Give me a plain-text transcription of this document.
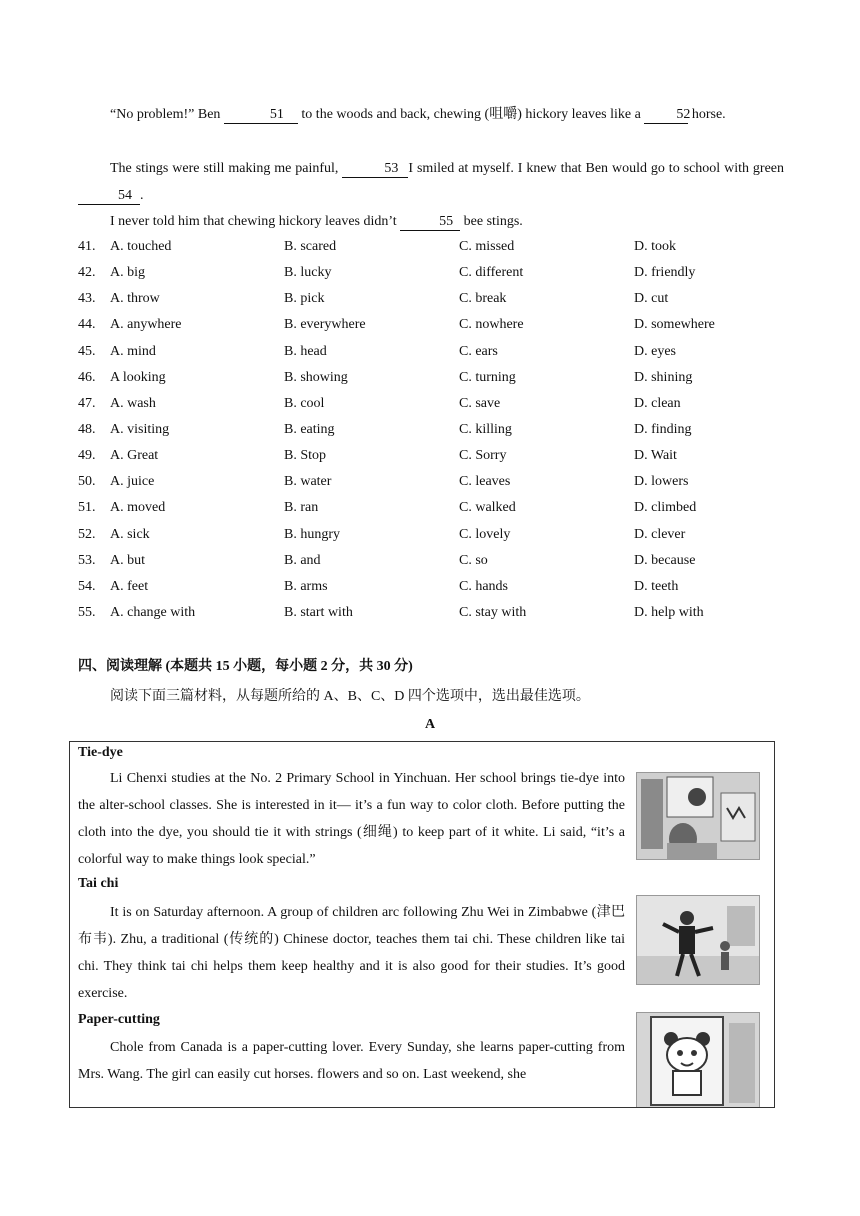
“No problem!” Ben	51 to the woods and back, chewing (咀嚼) hickory leaves like a	52 horse.
The stings were still making me painful,	53 I smiled at myself. I knew that Ben would go to school with green 54 .
I never told him that chewing hickory leaves didn’t	55 bee stings.
41. A. touched	B. scared	C. missed	D. took
42. A. big	B. lucky	C. different	D. friendly
43. A. throw	B. pick	C. break	D. cut
44. A. anywhere	B. everywhere	C. nowhere	D. somewhere
45. A. mind	B. head	C. ears	D. eyes
46. A looking	B. showing	C. turning	D. shining
47. A. wash	B. cool	C. save	D. clean
48. A. visiting	B. eating	C. killing	D. finding
49. A. Great	B. Stop	C. Sorry	D. Wait
50. A. juice	B. water	C. leaves	D. lowers
51. A. moved	B. ran	C. walked	D. climbed
52. A. sick	B. hungry	C. lovely	D. clever
53. A. but	B. and	C. so	D. because
54. A. feet	B. arms	C. hands	D. teeth
55. A. change with	B. start with	C. stay with	D. help with
四、阅读理解 (本题共 15 小题，每小题 2 分，共 30 分)
阅读下面三篇材料，从每题所给的 A、B、C、D 四个选项中，选出最佳选项。
A
Tie-dye
Li Chenxi studies at the No. 2 Primary School in Yinchuan. Her school brings tie-dye into the alter-school classes. She is interested in it— it’s a fun way to color cloth. Before putting the cloth into the dye, you should tie it with strings (细绳) to keep part of it white. Li said, “it’s a colorful way to make things look special.”
Tai chi
It is on Saturday afternoon. A group of children arc following Zhu Wei in Zimbabwe (津巴布韦). Zhu, a traditional (传统的) Chinese doctor, teaches them tai chi. These children like tai chi. They think tai chi helps them keep healthy and it is also good for their studies. It’s good exercise.
Paper-cutting
Chole from Canada is a paper-cutting lover. Every Sunday, she learns paper-cutting from Mrs. Wang. The girl can easily cut horses. flowers and so on. Last weekend, she
